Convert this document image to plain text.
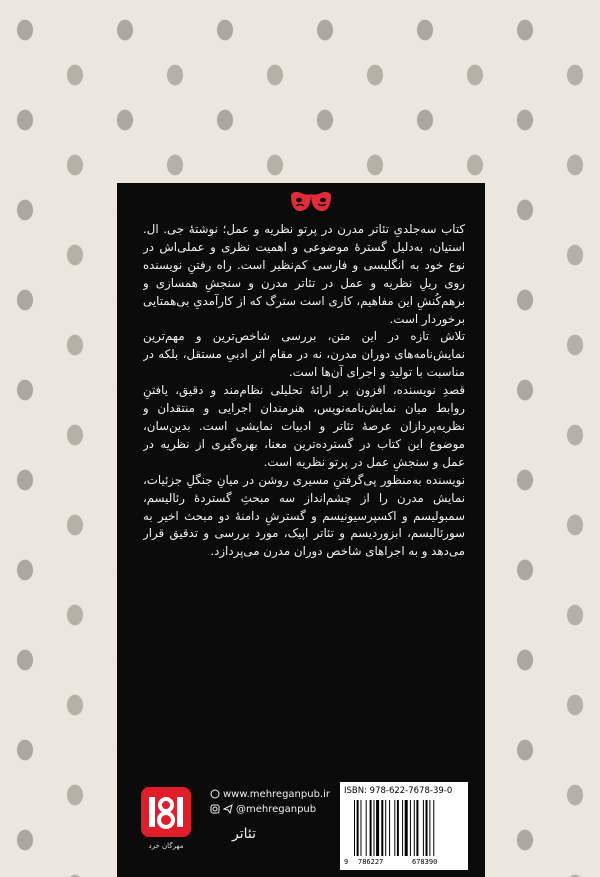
کتاب سه‌جلدیِ تئاتر مدرن در پرتو نظریه و عمل؛ نوشتهٔ جی. ال. استیان، به‌دلیل گسترهٔ موضوعی و اهمیت نظری و عملی‌اش در نوع خود به انگلیسی و فارسی کم‌نظیر است. راه رفتنِ نویسنده روی ریلِ نظریه و عمل در تئاتر مدرن و سنجشِ همسازی و برهم‌کُنشِ این مفاهیم، کاری است سترگ که از کارآمدیِ بی‌همتایی برخوردار است.

تلاش تازه در این متن، بررسی شاخص‌ترین و مهم‌ترین نمایش‌نامه‌های دوران مدرن، نه در مقام اثر ادبیِ مستقل، بلکه در مناسبت با تولید و اجرای آن‌ها است.

قصدِ نویسنده، افزون بر ارائهٔ تحلیلی نظام‌مند و دقیق، یافتنِ روابط میان نمایش‌نامه‌نویس، هنرمندان اجرایی و منتقدان و نظریه‌پردازان عرصهٔ تئاتر و ادبیات نمایشی است. بدین‌سان، موضوع این کتاب در گسترده‌ترین معنا، بهره‌گیری از نظریه در عمل و سنجشِ عمل در پرتو نظریه است.

نویسنده به‌منظور پی‌گرفتنِ مسیری روشن در میانِ جنگلِ جزئیات، نمایش مدرن را از چشم‌انداز سه مبحثِ گستردهٔ رئالیسم، سمبولیسم و اکسپرسیونیسم و گسترشِ دامنهٔ دو مبحث اخیر به سورئالیسم، ابزوردیسم و تئاتر اپیک، مورد بررسی و تدقیق قرار می‌دهد و به اجراهای شاخص دوران مدرن می‌پردازد.

مهرگان خرد
www.mehreganpub.ir
@mehreganpub
تئاتر
ISBN: 978-622-7678-39-0
9 786227	678390
